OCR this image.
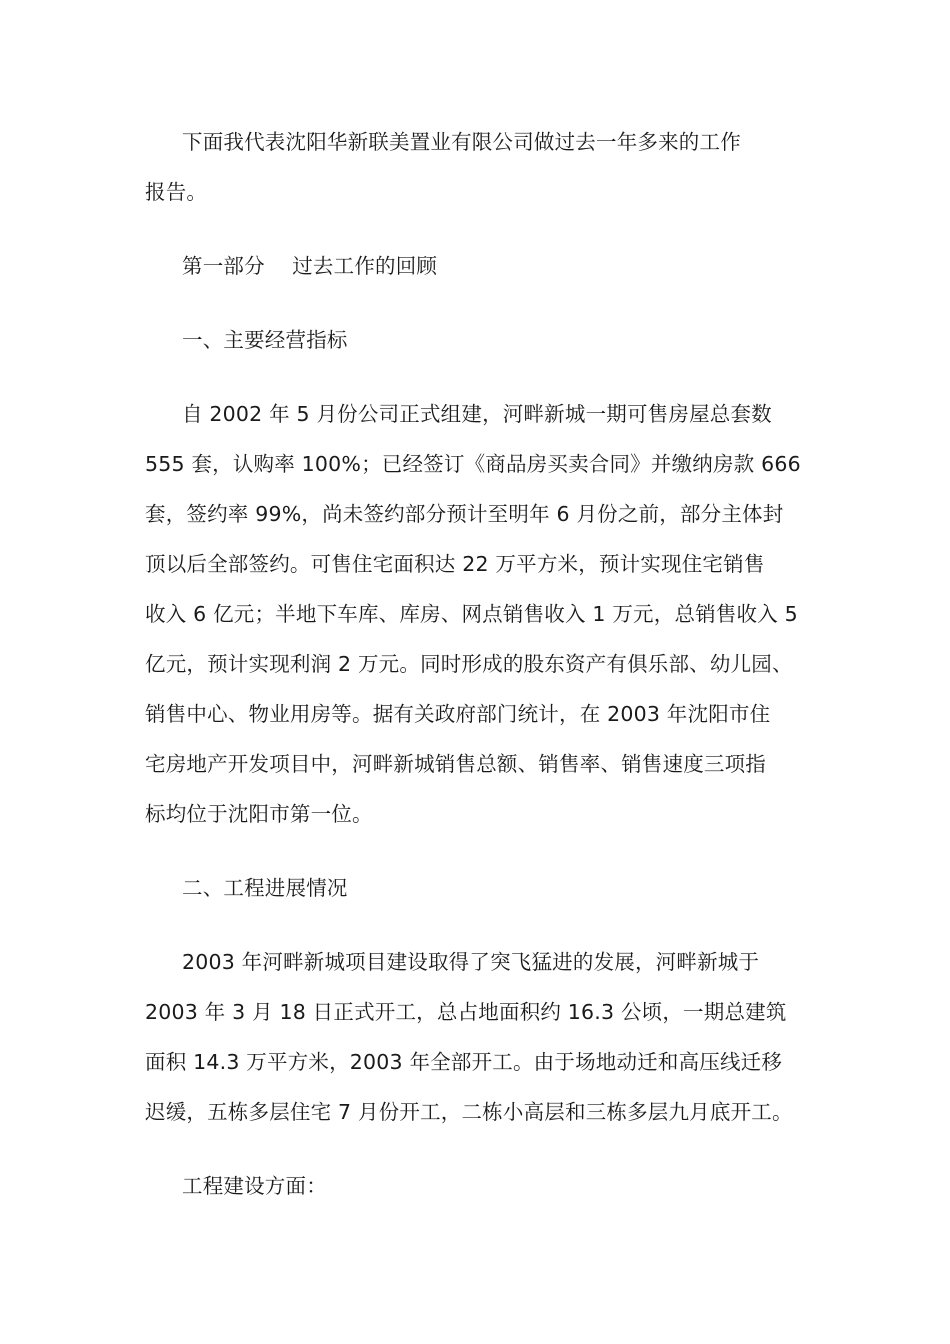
下面我代表沈阳华新联美置业有限公司做过去一年多来的工作
报告。
第一部分　 过去工作的回顾
一、主要经营指标
自 2002 年 5 月份公司正式组建，河畔新城一期可售房屋总套数
555 套，认购率 100%；已经签订《商品房买卖合同》并缴纳房款 666
套，签约率 99%，尚未签约部分预计至明年 6 月份之前，部分主体封
顶以后全部签约。可售住宅面积达 22 万平方米，预计实现住宅销售
收入 6 亿元；半地下车库、库房、网点销售收入 1 万元，总销售收入 5
亿元，预计实现利润 2 万元。同时形成的股东资产有俱乐部、幼儿园、
销售中心、物业用房等。据有关政府部门统计，在 2003 年沈阳市住
宅房地产开发项目中，河畔新城销售总额、销售率、销售速度三项指
标均位于沈阳市第一位。
二、工程进展情况
2003 年河畔新城项目建设取得了突飞猛进的发展，河畔新城于
2003 年 3 月 18 日正式开工，总占地面积约 16.3 公顷，一期总建筑
面积 14.3 万平方米，2003 年全部开工。由于场地动迁和高压线迁移
迟缓，五栋多层住宅 7 月份开工，二栋小高层和三栋多层九月底开工。
工程建设方面：
